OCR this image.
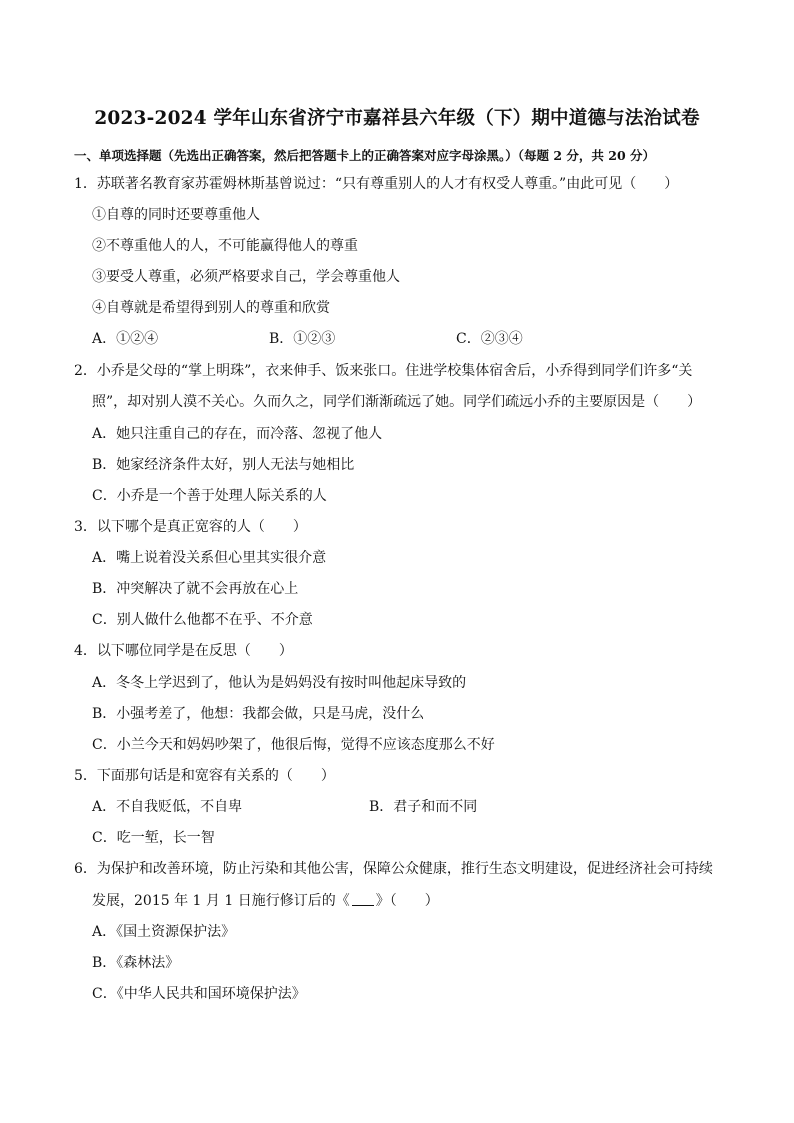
2023-2024 学年山东省济宁市嘉祥县六年级（下）期中道德与法治试卷
一、单项选择题（先选出正确答案，然后把答题卡上的正确答案对应字母涂黑。）（每题 2 分，共 20 分）
1．苏联著名教育家苏霍姆林斯基曾说过：“只有尊重别人的人才有权受人尊重。”由此可见（　　）
①自尊的同时还要尊重他人
②不尊重他人的人，不可能赢得他人的尊重
③要受人尊重，必须严格要求自己，学会尊重他人
④自尊就是希望得到别人的尊重和欣赏
A．①②④	B．①②③	C．②③④
2．小乔是父母的“掌上明珠”，衣来伸手、饭来张口。住进学校集体宿舍后，小乔得到同学们许多“关
照”，却对别人漠不关心。久而久之，同学们渐渐疏远了她。同学们疏远小乔的主要原因是（　　）
A．她只注重自己的存在，而冷落、忽视了他人
B．她家经济条件太好，别人无法与她相比
C．小乔是一个善于处理人际关系的人
3．以下哪个是真正宽容的人（　　）
A．嘴上说着没关系但心里其实很介意
B．冲突解决了就不会再放在心上
C．别人做什么他都不在乎、不介意
4．以下哪位同学是在反思（　　）
A．冬冬上学迟到了，他认为是妈妈没有按时叫他起床导致的
B．小强考差了，他想：我都会做，只是马虎，没什么
C．小兰今天和妈妈吵架了，他很后悔，觉得不应该态度那么不好
5．下面那句话是和宽容有关系的（　　）
A．不自我贬低，不自卑	B．君子和而不同
C．吃一堑，长一智
6．为保护和改善环境，防止污染和其他公害，保障公众健康，推行生态文明建设，促进经济社会可持续
发展，2015 年 1 月 1 日施行修订后的《 》（　　）
A．《国土资源保护法》
B．《森林法》
C．《中华人民共和国环境保护法》
